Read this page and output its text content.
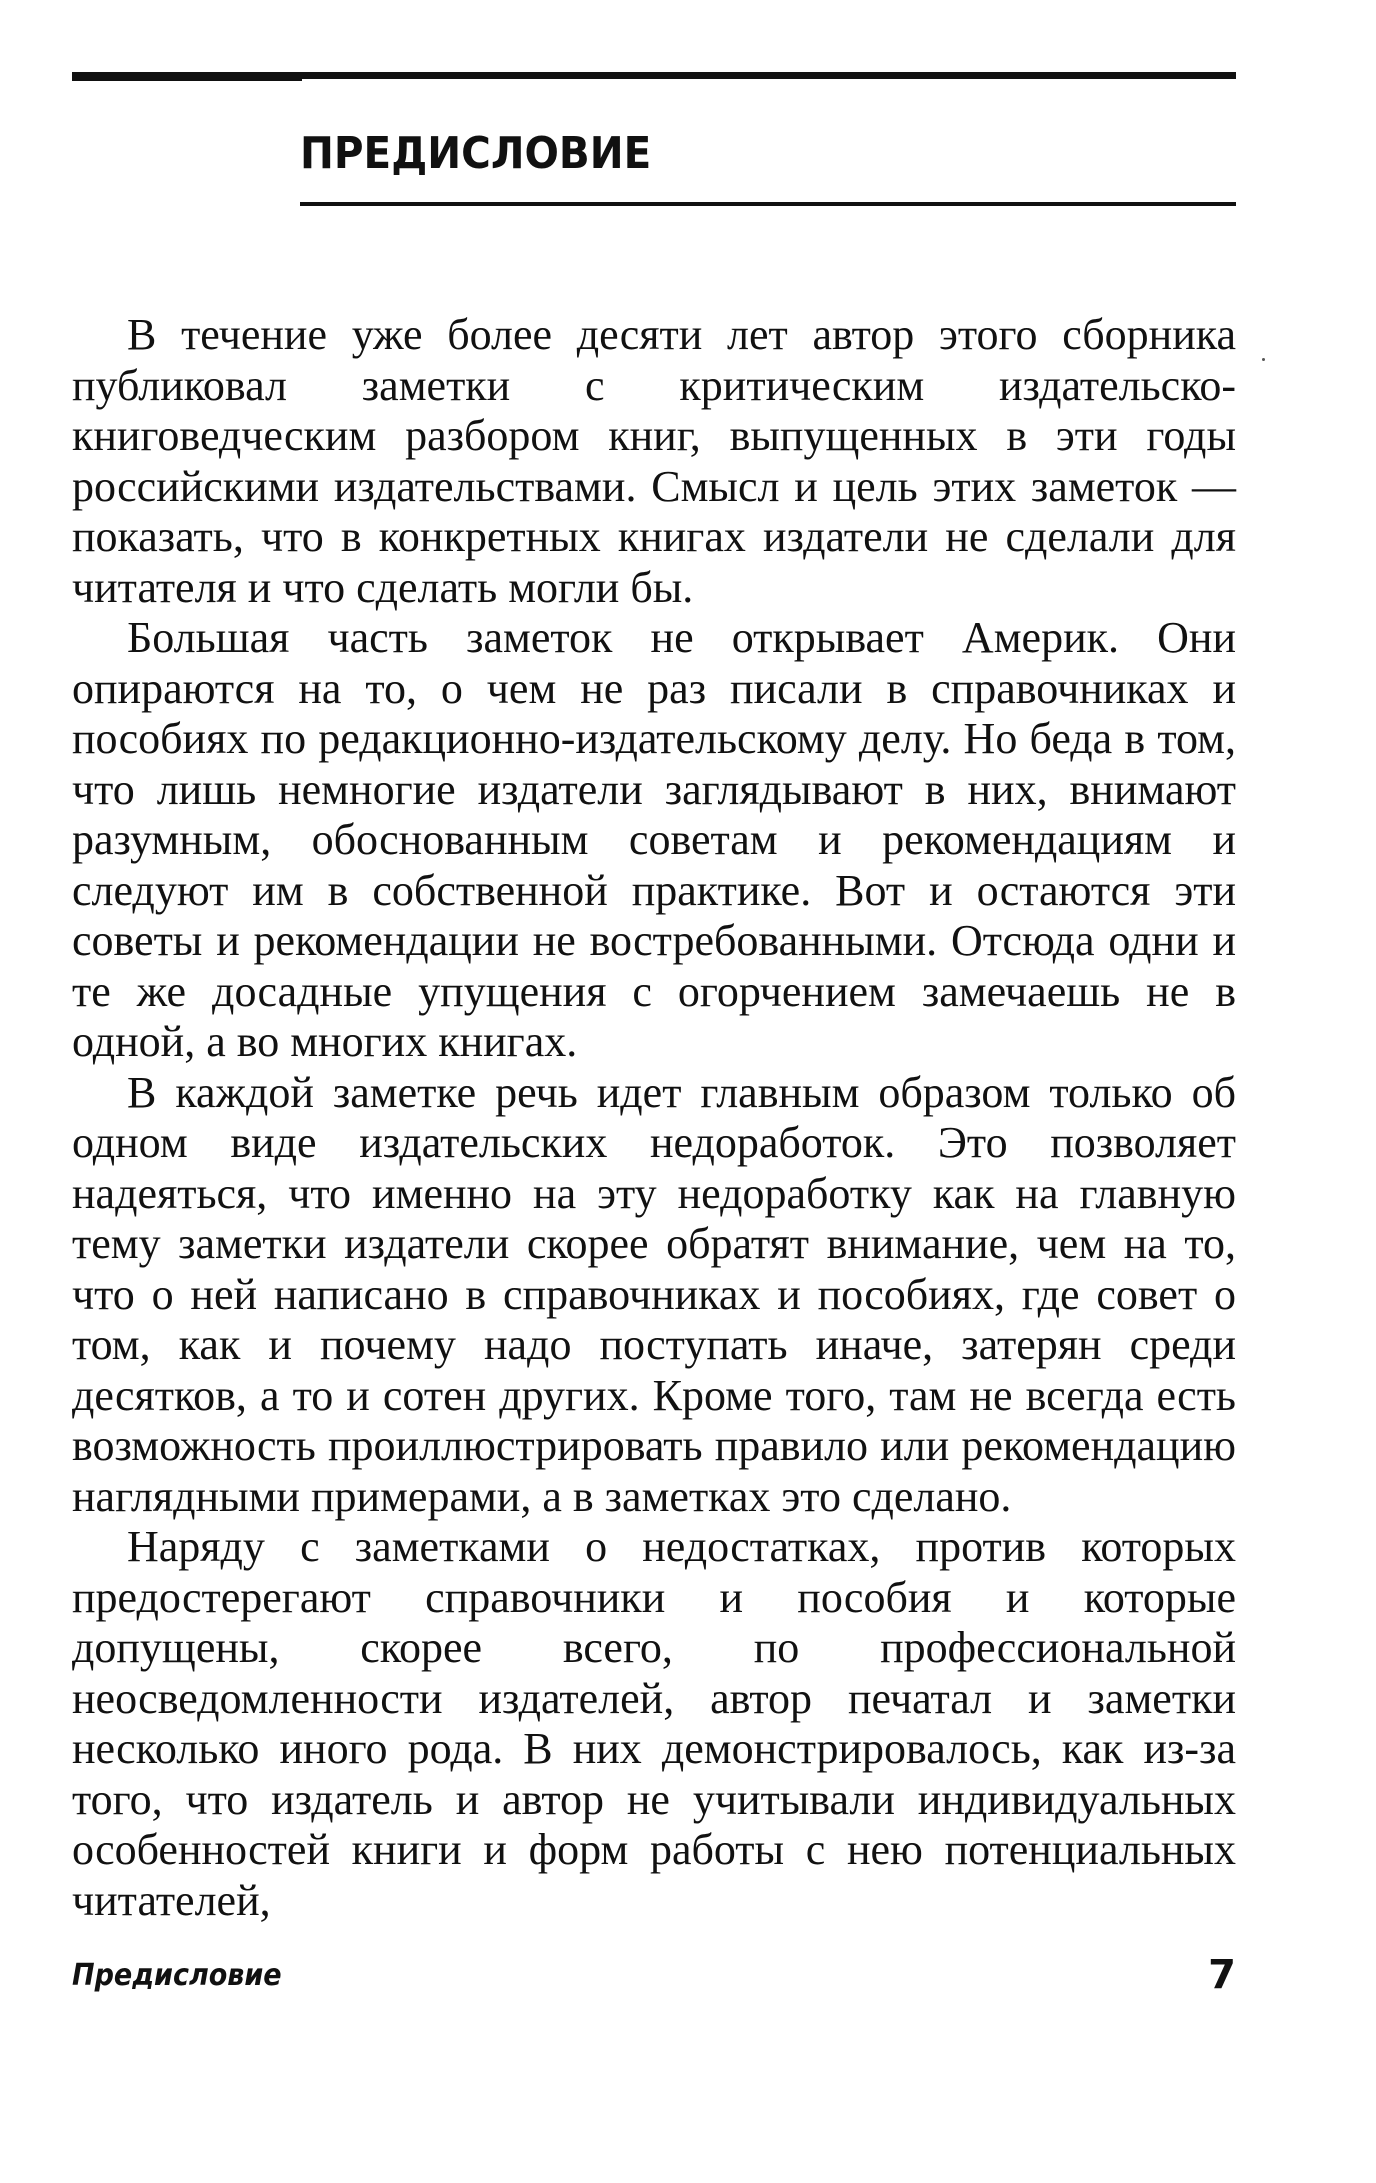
ПРЕДИСЛОВИЕ

В течение уже более десяти лет автор этого сборника публиковал заметки с критическим издательско-книговедческим разбором книг, выпущенных в эти годы российскими издательствами. Смысл и цель этих заметок — показать, что в конкретных книгах издатели не сделали для читателя и что сделать могли бы.

Большая часть заметок не открывает Америк. Они опираются на то, о чем не раз писали в справочниках и пособиях по редакционно-издательскому делу. Но беда в том, что лишь немногие издатели заглядывают в них, внимают разумным, обоснованным советам и рекомендациям и следуют им в собственной практике. Вот и остаются эти советы и рекомендации не востребованными. Отсюда одни и те же досадные упущения с огорчением замечаешь не в одной, а во многих книгах.

В каждой заметке речь идет главным образом только об одном виде издательских недоработок. Это позволяет надеяться, что именно на эту недоработку как на главную тему заметки издатели скорее обратят внимание, чем на то, что о ней написано в справочниках и пособиях, где совет о том, как и почему надо поступать иначе, затерян среди десятков, а то и сотен других. Кроме того, там не всегда есть возможность проиллюстрировать правило или рекомендацию наглядными примерами, а в заметках это сделано.

Наряду с заметками о недостатках, против которых предостерегают справочники и пособия и которые допущены, скорее всего, по профессиональной неосведомленности издателей, автор печатал и заметки несколько иного рода. В них демонстрировалось, как из-за того, что издатель и автор не учитывали индивидуальных особенностей книги и форм работы с нею потенциальных читателей,

Предисловие	7
